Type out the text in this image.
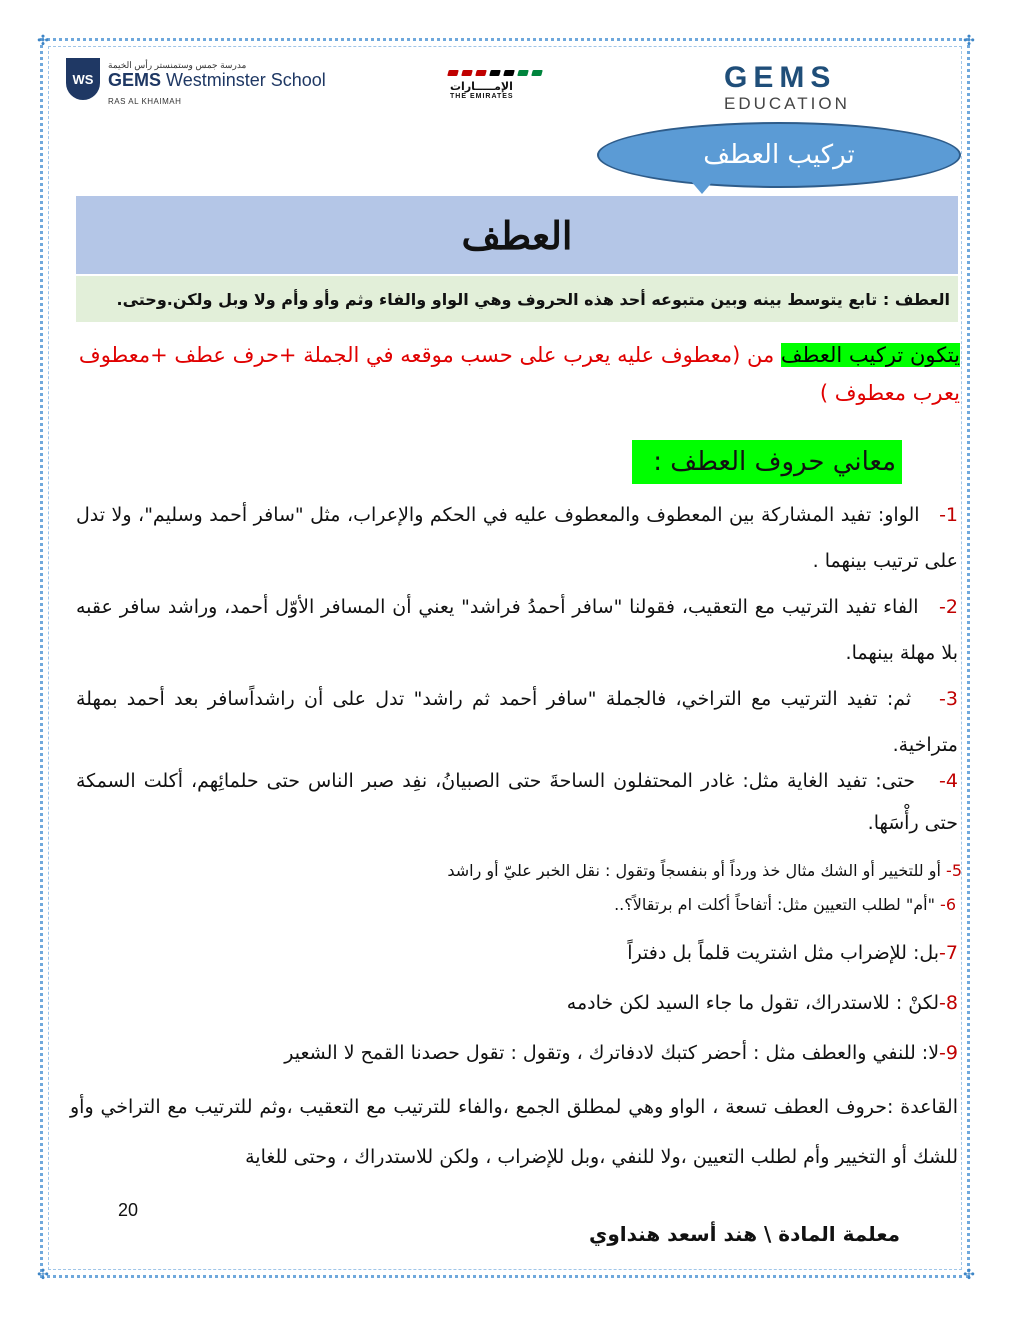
✣	✣
✣	✣
WS
مدرسة جمس وستمنستر رأس الخيمة
GEMS Westminster School
RAS AL KHAIMAH
الإمـــــارات
THE EMIRATES
GEMS
EDUCATION
تركيب العطف
العطف
العطف : تابع يتوسط بينه وبين متبوعه أحد هذه الحروف وهي الواو والفاء وثم وأو وأم ولا وبل ولكن.وحتى.
يتكون تركيب العطف من (معطوف عليه يعرب على حسب موقعه في الجملة +حرف عطف +معطوف يعرب معطوف )
معاني حروف العطف :
1-   الواو: تفيد المشاركة بين المعطوف والمعطوف عليه في الحكم والإعراب، مثل "سافر أحمد وسليم"، ولا تدل على ترتيب بينهما .
2-   الفاء تفيد الترتيب مع التعقيب، فقولنا "سافر أحمدُ فراشد" يعني أن المسافر الأوّل أحمد، وراشد سافر عقبه بلا مهلة بينهما.
3-   ثم: تفيد الترتيب مع التراخي، فالجملة "سافر أحمد ثم راشد" تدل على أن راشداًسافر بعد أحمد بمهلة متراخية.
4-   حتى: تفيد الغاية مثل: غادر المحتفلون الساحةَ حتى الصبيانُ، نفِد صبر الناس حتى حلمائِهم، أكلت السمكة حتى رأْسَها.
5- أو للتخيير أو الشك مثال خذ ورداً أو بنفسجاً وتقول : نقل الخبر عليّ أو راشد
6- "أم" لطلب التعيين مثل: أتفاحاً أكلت ام برتقالاً؟..
7-بل: للإضراب مثل اشتريت قلماً بل دفتراً
8-لكنْ : للاستدراك، تقول ما جاء السيد لكن خادمه
9-لا: للنفي والعطف مثل : أحضر كتبك لادفاترك ، وتقول : تقول حصدنا القمح لا الشعير
القاعدة :حروف العطف تسعة ، الواو وهي لمطلق الجمع ،والفاء للترتيب مع التعقيب ،وثم للترتيب مع التراخي وأو للشك أو التخيير وأم لطلب التعيين ،ولا للنفي ،وبل للإضراب ، ولكن للاستدراك ، وحتى للغاية
20
معلمة المادة \ هند أسعد هنداوي
